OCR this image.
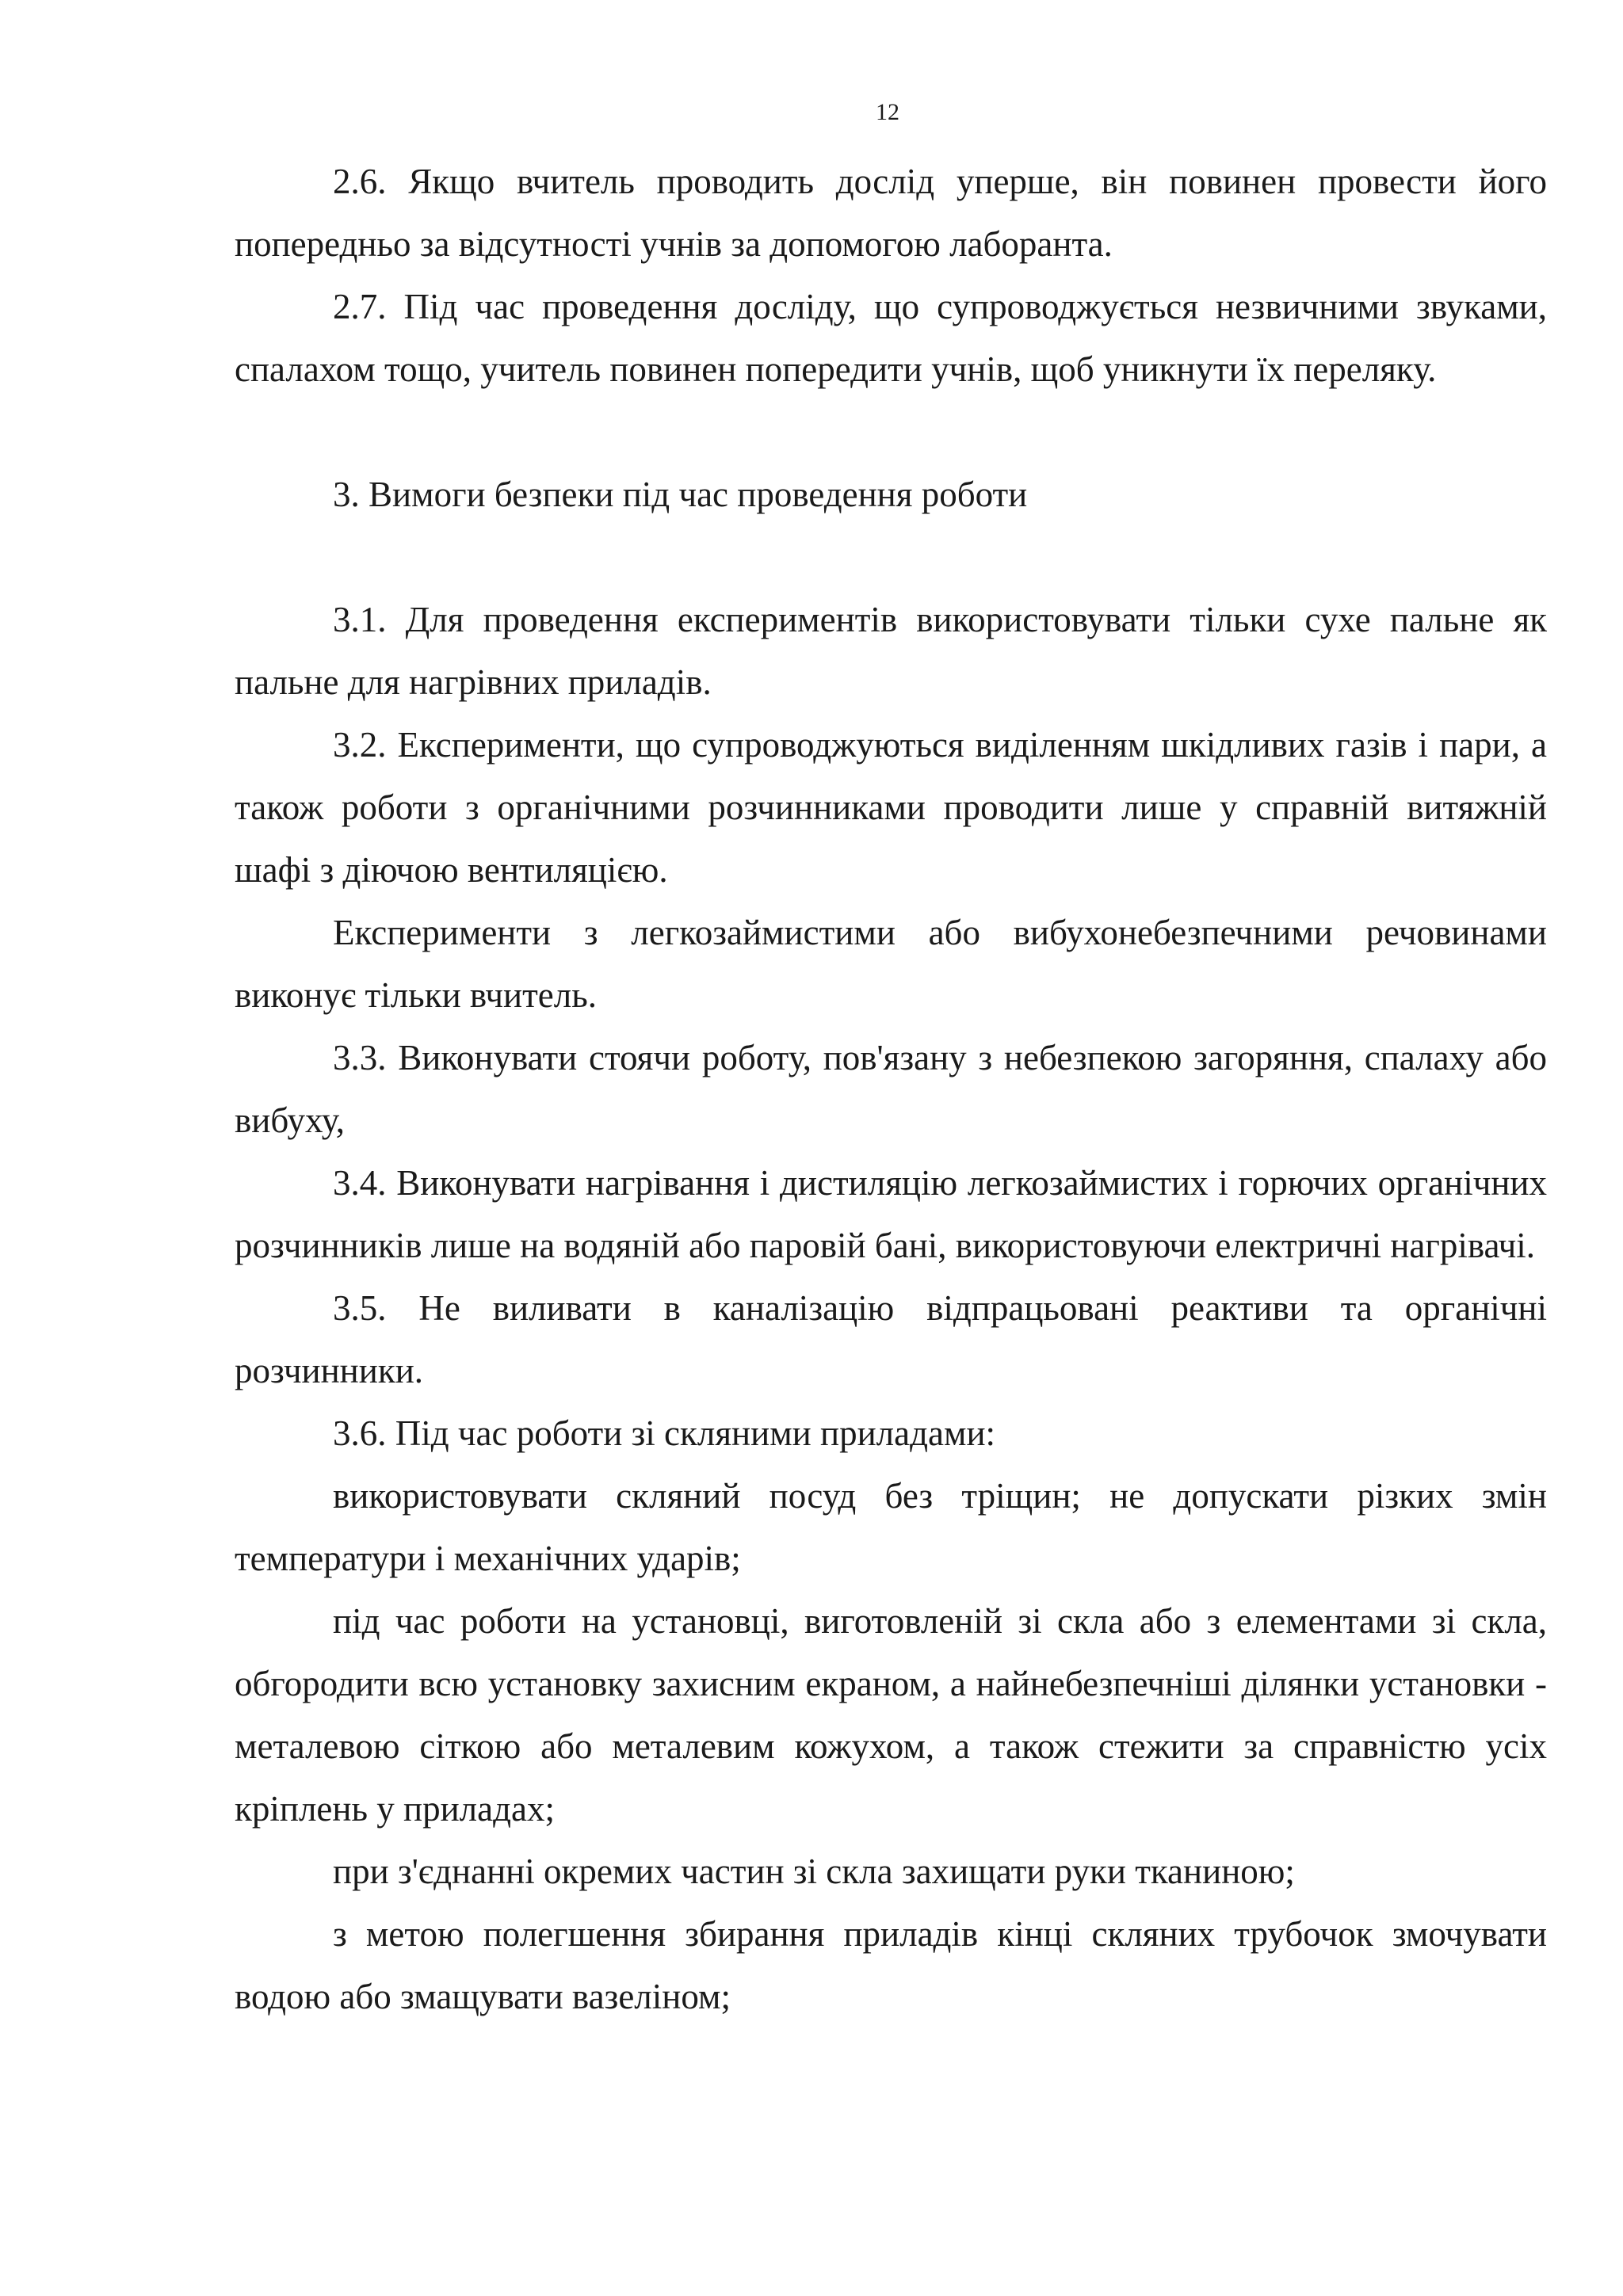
12

2.6. Якщо вчитель проводить дослід уперше, він повинен провести його попередньо за відсутності учнів за допомогою лаборанта.

2.7. Під час проведення досліду, що супроводжується незвичними звуками, спалахом тощо, учитель повинен попередити учнів, щоб уникнути їх переляку.

3. Вимоги безпеки під час проведення роботи

3.1. Для проведення експериментів використовувати тільки сухе пальне як пальне для нагрівних приладів.

3.2. Експерименти, що супроводжуються виділенням шкідливих газів і пари, а також роботи з органічними розчинниками проводити лише у справній витяжній шафі з діючою вентиляцією.

Експерименти з легкозаймистими або вибухонебезпечними речовинами виконує тільки вчитель.

3.3. Виконувати стоячи роботу, пов'язану з небезпекою загоряння, спалаху або вибуху,

3.4. Виконувати нагрівання і дистиляцію легкозаймистих і горючих органічних розчинників лише на водяній або паровій бані, використовуючи електричні нагрівачі.

3.5. Не виливати в каналізацію відпрацьовані реактиви та органічні розчинники.

3.6. Під час роботи зі скляними приладами:

використовувати скляний посуд без тріщин; не допускати різких змін температури і механічних ударів;

під час роботи на установці, виготовленій зі скла або з елементами зі скла, обгородити всю установку захисним екраном, а найнебезпечніші ділянки установки - металевою сіткою або металевим кожухом, а також стежити за справністю усіх кріплень у приладах;

при з'єднанні окремих частин зі скла захищати руки тканиною;

з метою полегшення збирання приладів кінці скляних трубочок змочувати водою або змащувати вазеліном;
